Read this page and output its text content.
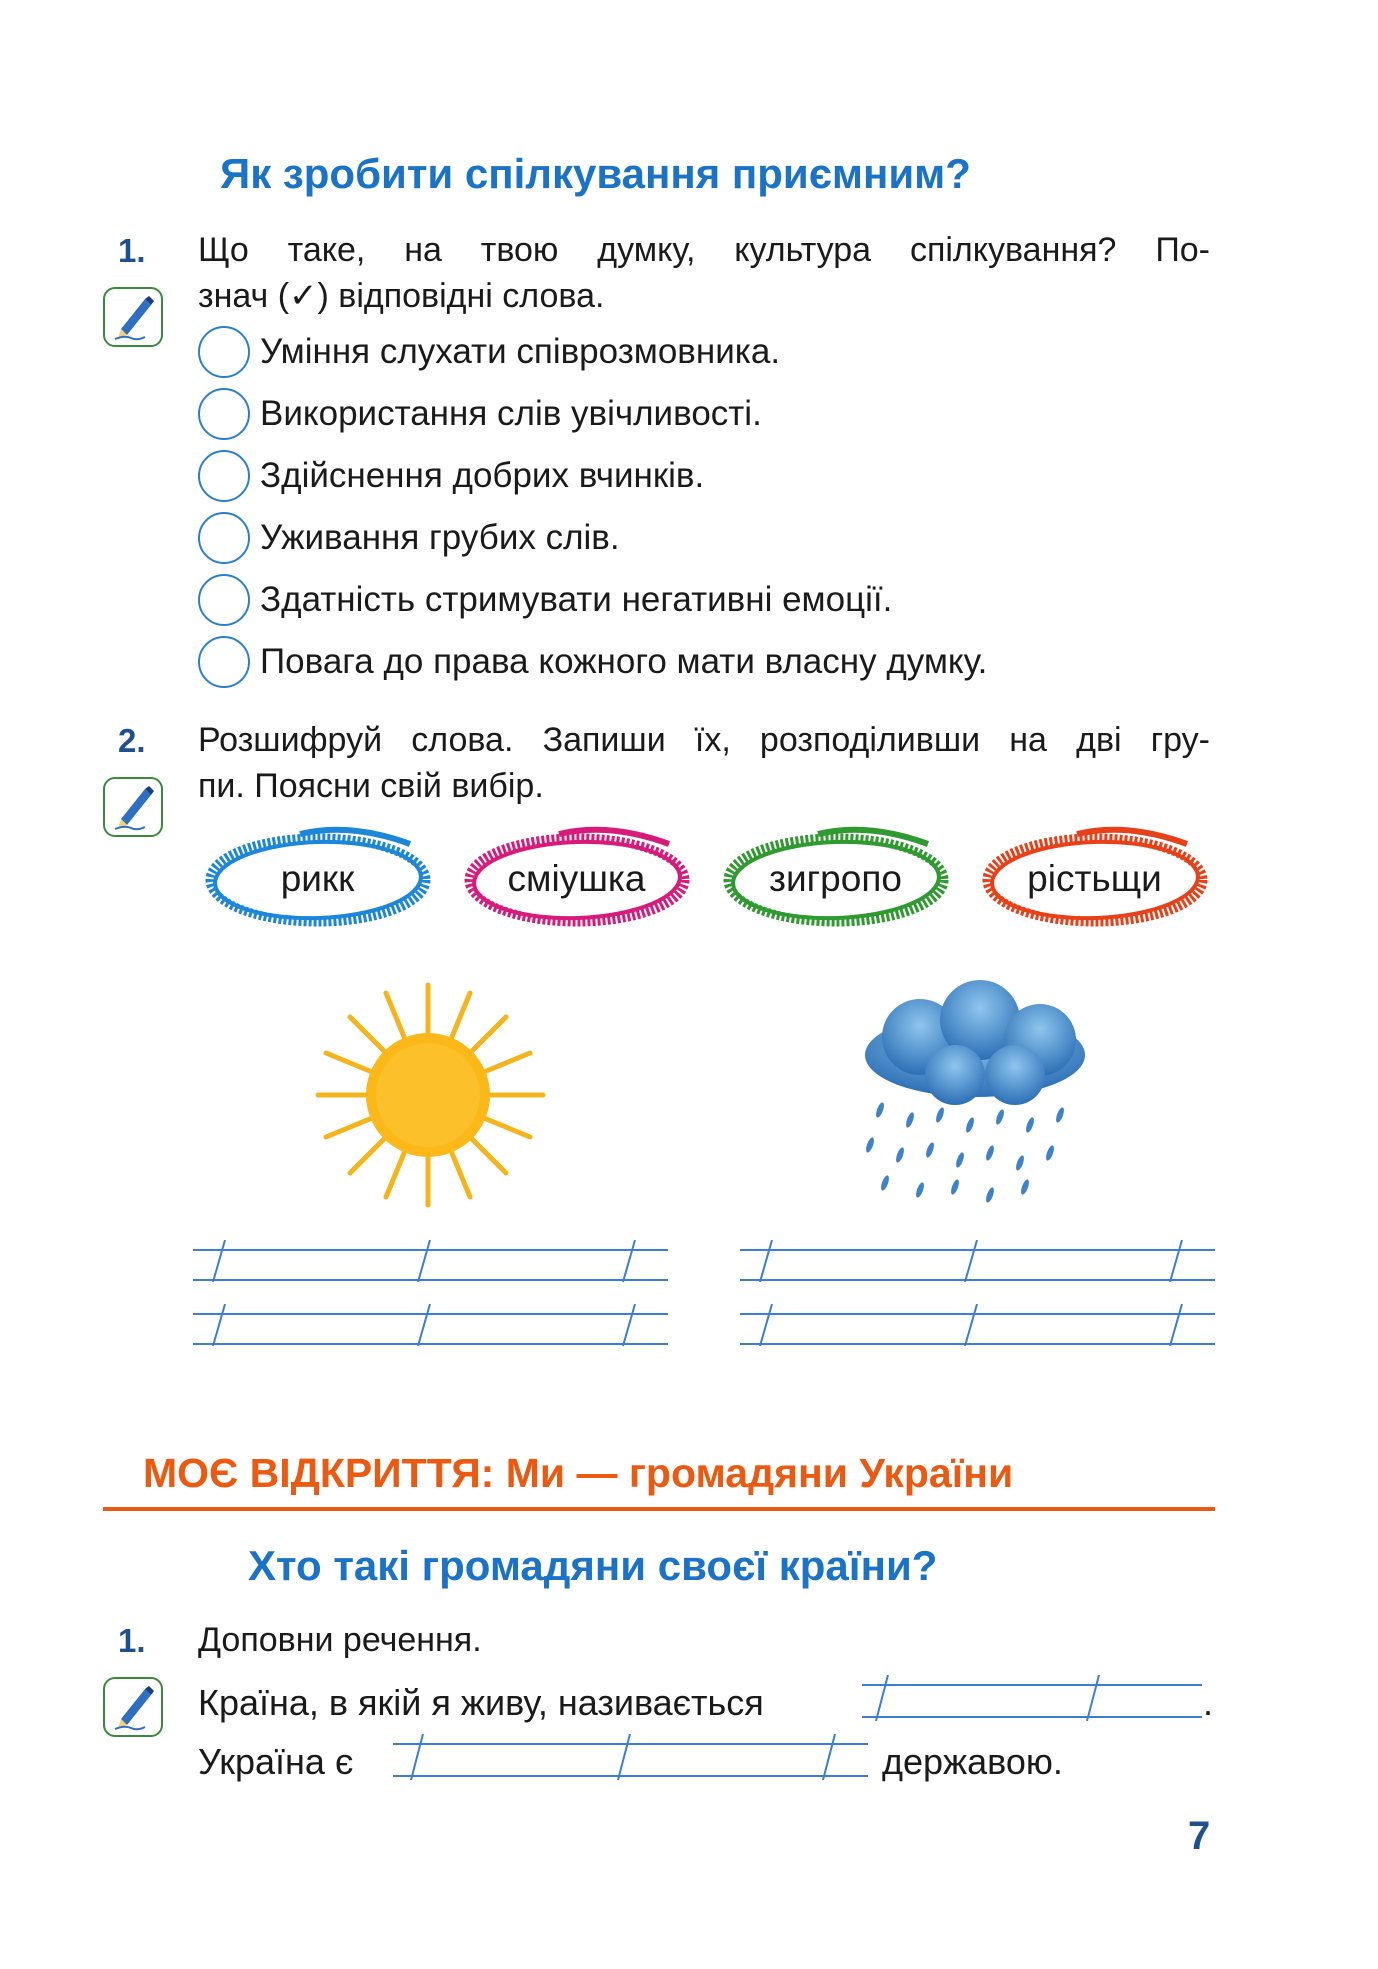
Як зробити спілкування приємним?
1. Що таке, на твою думку, культура спілкування? По-
знач (✓) відповідні слова.
Уміння слухати співрозмовника.
Використання слів увічливості.
Здійснення добрих вчинків.
Уживання грубих слів.
Здатність стримувати негативні емоції.
Повага до права кожного мати власну думку.
2. Розшифруй слова. Запиши їх, розподіливши на дві гру-
пи. Поясни свій вибір.
рикк	сміушка	зигропо	рістьщи
МОЄ ВІДКРИТТЯ: Ми — громадяни України
Хто такі громадяни своєї країни?
1. Доповни речення.
Країна, в якій я живу, називається	.
Україна є	державою.
7
